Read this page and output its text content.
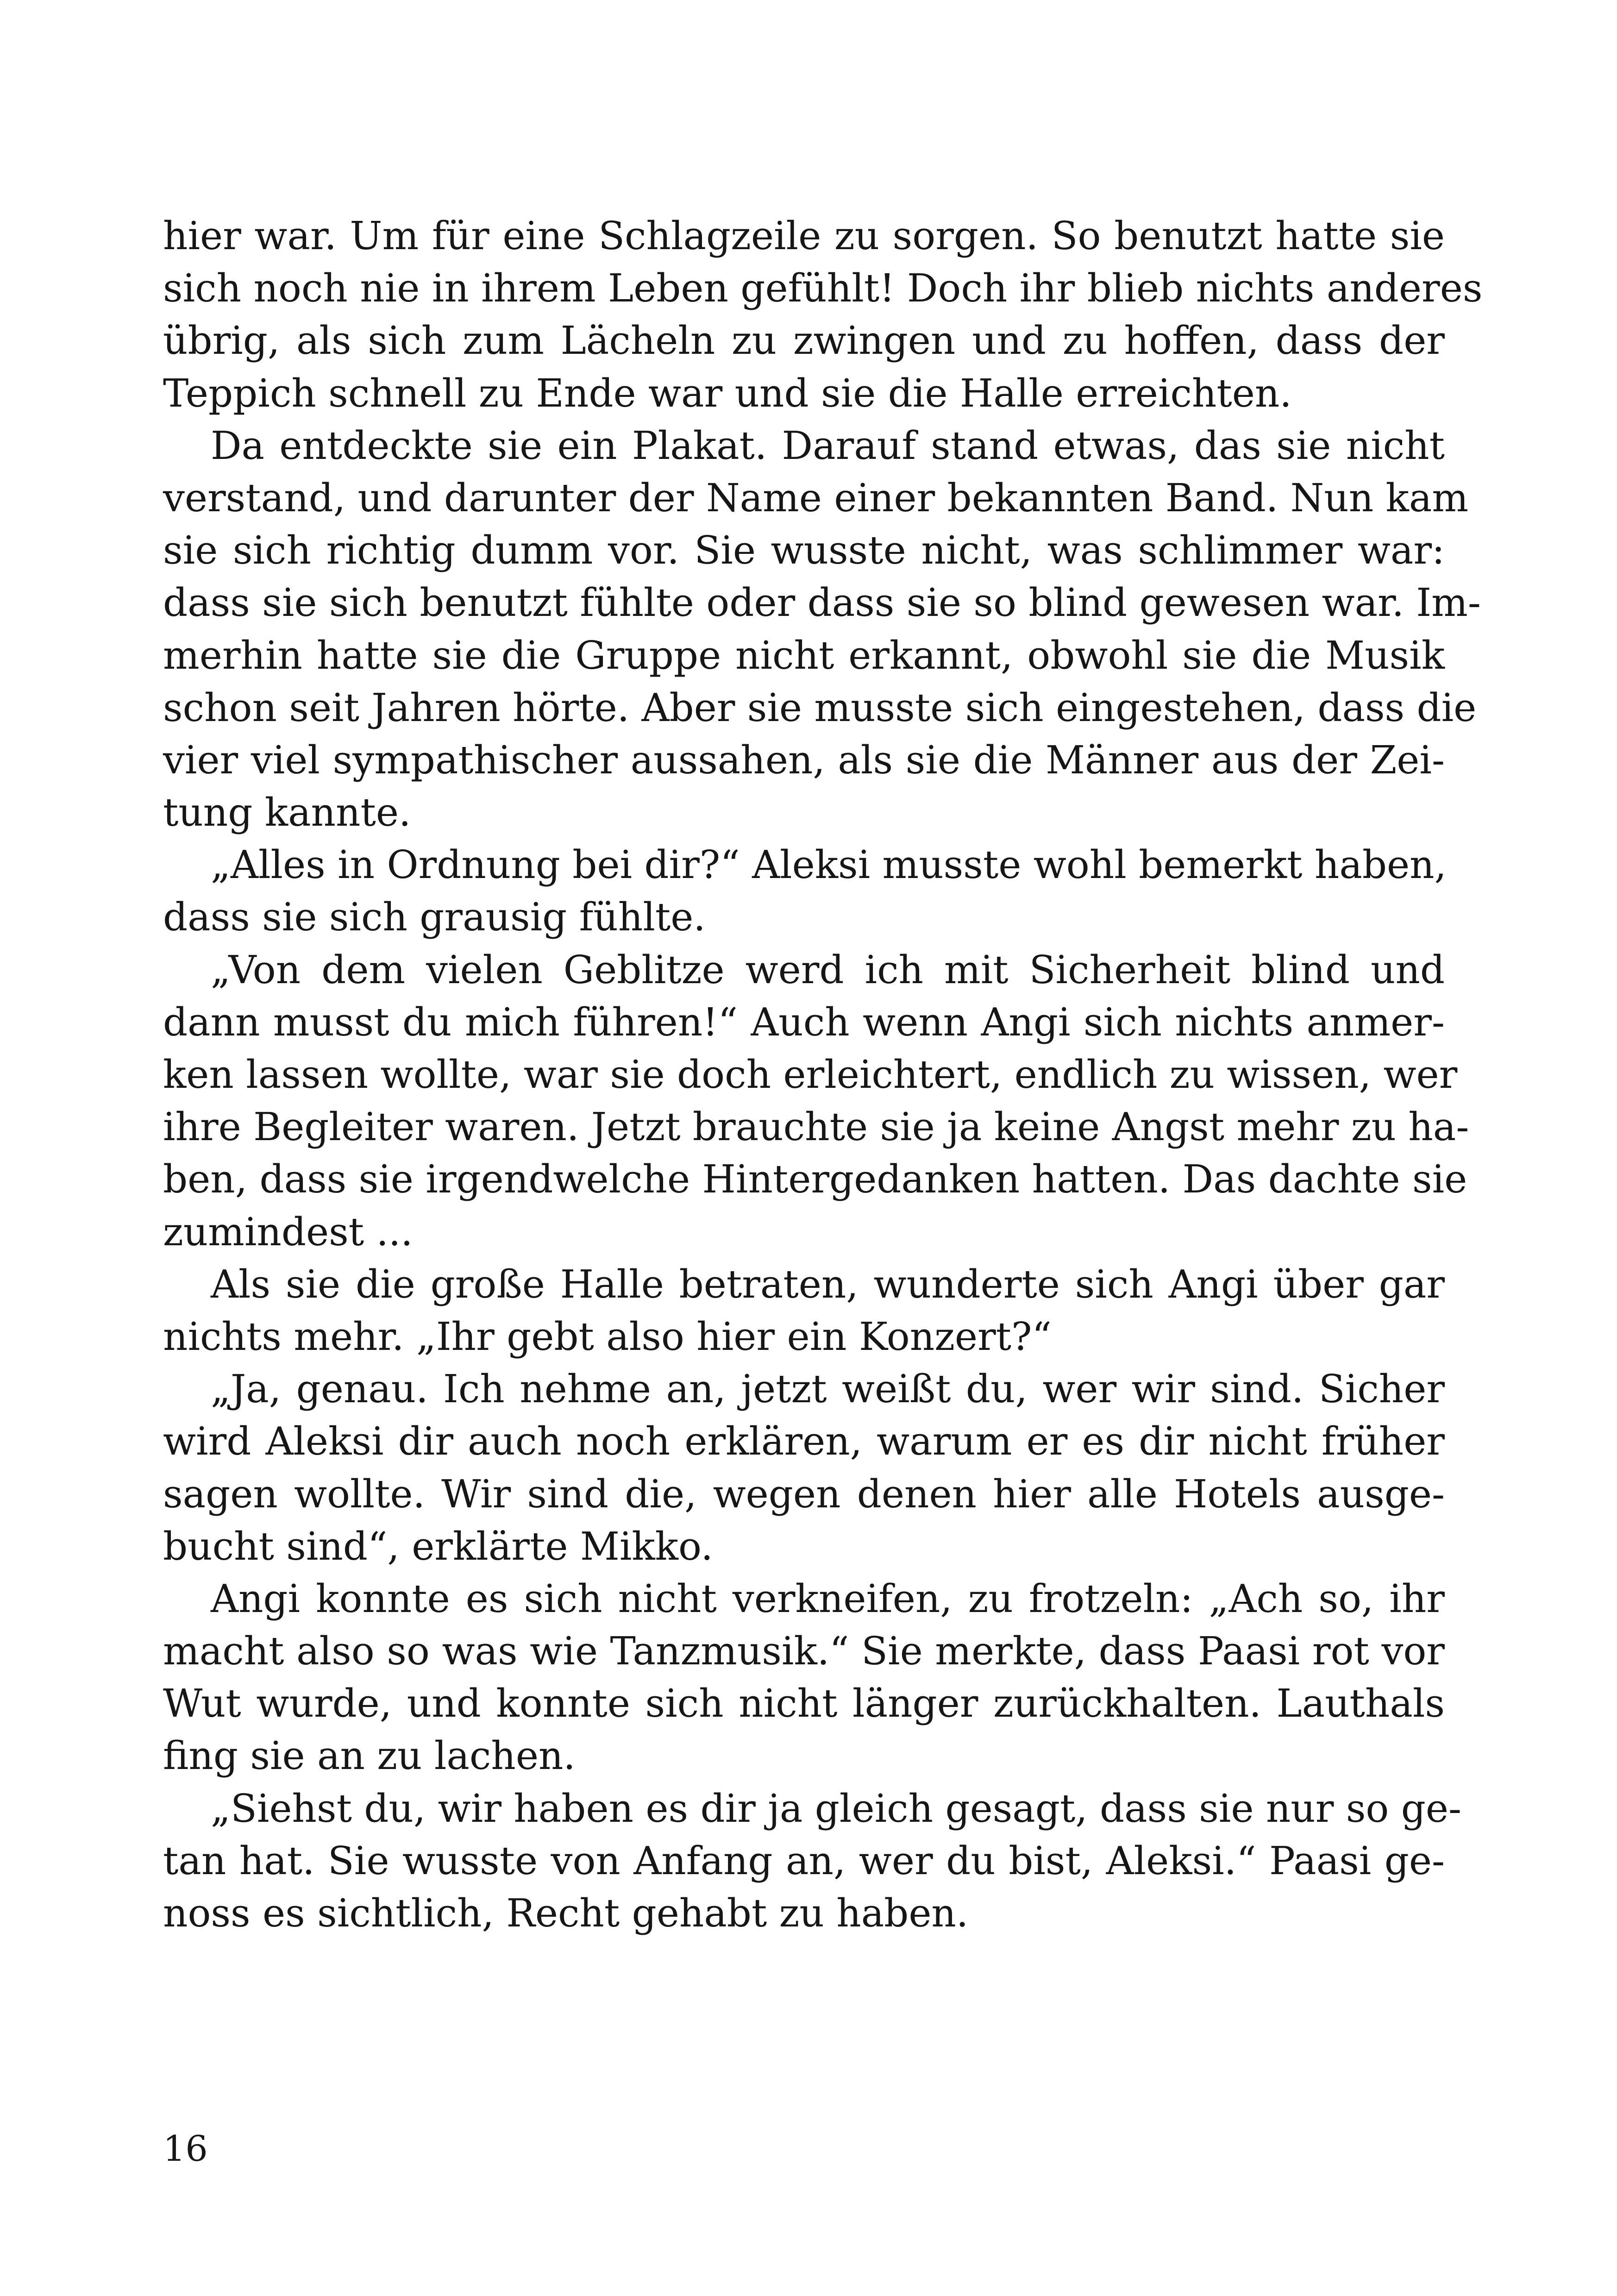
hier war. Um für eine Schlagzeile zu sorgen. So benutzt hatte sie
sich noch nie in ihrem Leben gefühlt! Doch ihr blieb nichts anderes
übrig, als sich zum Lächeln zu zwingen und zu hoffen, dass der
Teppich schnell zu Ende war und sie die Halle erreichten.
Da entdeckte sie ein Plakat. Darauf stand etwas, das sie nicht
verstand, und darunter der Name einer bekannten Band. Nun kam
sie sich richtig dumm vor. Sie wusste nicht, was schlimmer war:
dass sie sich benutzt fühlte oder dass sie so blind gewesen war. Im-
merhin hatte sie die Gruppe nicht erkannt, obwohl sie die Musik
schon seit Jahren hörte. Aber sie musste sich eingestehen, dass die
vier viel sympathischer aussahen, als sie die Männer aus der Zei-
tung kannte.
„Alles in Ordnung bei dir?“ Aleksi musste wohl bemerkt haben,
dass sie sich grausig fühlte.
„Von dem vielen Geblitze werd ich mit Sicherheit blind und
dann musst du mich führen!“ Auch wenn Angi sich nichts anmer-
ken lassen wollte, war sie doch erleichtert, endlich zu wissen, wer
ihre Begleiter waren. Jetzt brauchte sie ja keine Angst mehr zu ha-
ben, dass sie irgendwelche Hintergedanken hatten. Das dachte sie
zumindest ...
Als sie die große Halle betraten, wunderte sich Angi über gar
nichts mehr. „Ihr gebt also hier ein Konzert?“
„Ja, genau. Ich nehme an, jetzt weißt du, wer wir sind. Sicher
wird Aleksi dir auch noch erklären, warum er es dir nicht früher
sagen wollte. Wir sind die, wegen denen hier alle Hotels ausge-
bucht sind“, erklärte Mikko.
Angi konnte es sich nicht verkneifen, zu frotzeln: „Ach so, ihr
macht also so was wie Tanzmusik.“ Sie merkte, dass Paasi rot vor
Wut wurde, und konnte sich nicht länger zurückhalten. Lauthals
fing sie an zu lachen.
„Siehst du, wir haben es dir ja gleich gesagt, dass sie nur so ge-
tan hat. Sie wusste von Anfang an, wer du bist, Aleksi.“ Paasi ge-
noss es sichtlich, Recht gehabt zu haben.
16
